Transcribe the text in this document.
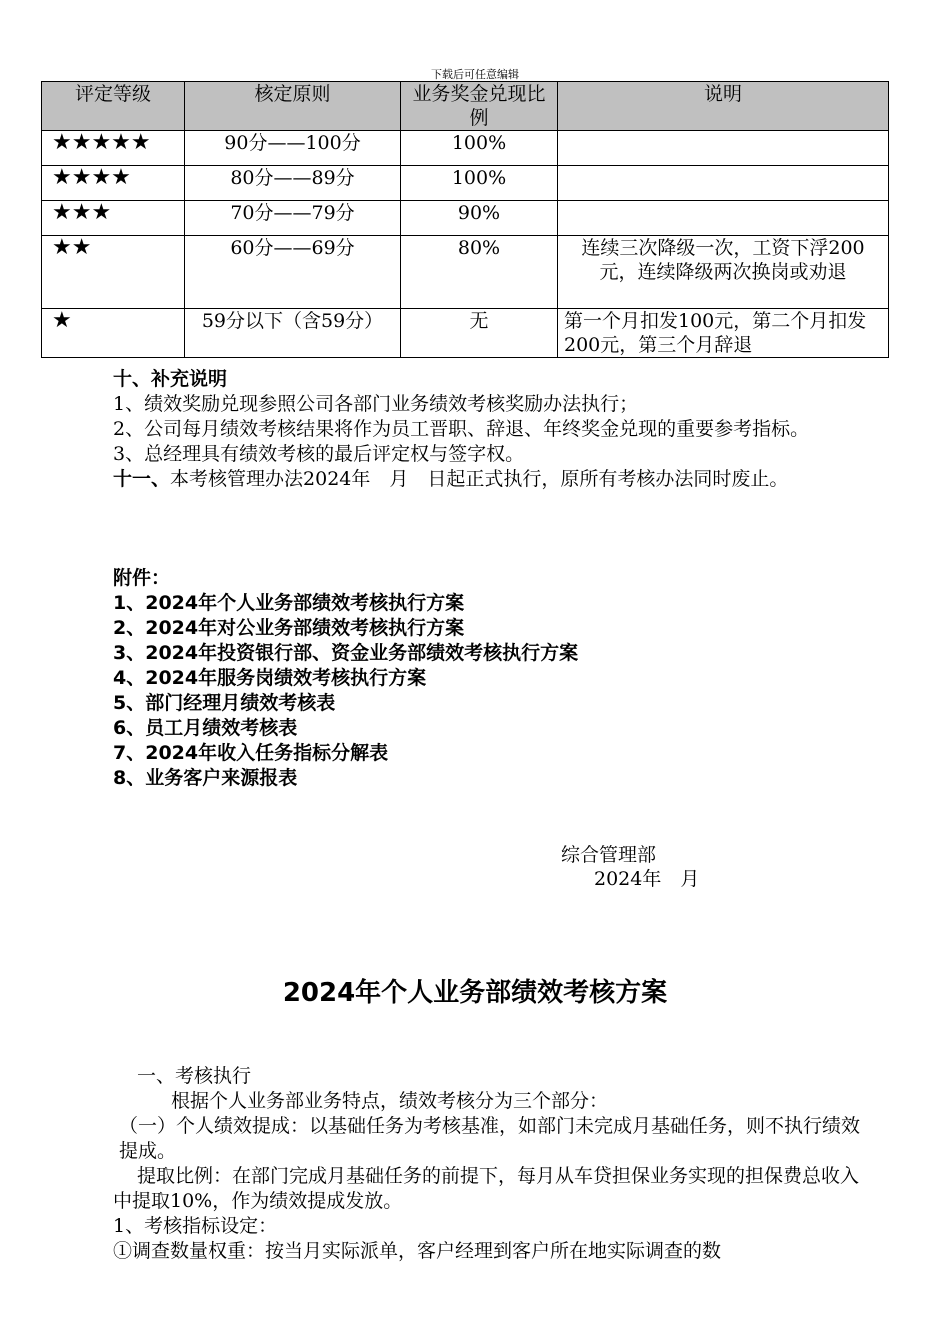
下载后可任意编辑
评定等级	核定原则	业务奖金兑现比例	说明
★★★★★	90分——100分	100%	
★★★★	80分——89分	100%	
★★★	70分——79分	90%	
★★	60分——69分	80%	连续三次降级一次，工资下浮200元，连续降级两次换岗或劝退
★	59分以下（含59分）	无	第一个月扣发100元，第二个月扣发200元，第三个月辞退

十、补充说明

1、绩效奖励兑现参照公司各部门业务绩效考核奖励办法执行；

2、公司每月绩效考核结果将作为员工晋职、辞退、年终奖金兑现的重要参考指标。

3、总经理具有绩效考核的最后评定权与签字权。

十一、本考核管理办法2024年　月　日起正式执行，原所有考核办法同时废止。

附件：

1、2024年个人业务部绩效考核执行方案

2、2024年对公业务部绩效考核执行方案

3、2024年投资银行部、资金业务部绩效考核执行方案

4、2024年服务岗绩效考核执行方案

5、部门经理月绩效考核表

6、员工月绩效考核表

7、2024年收入任务指标分解表

8、业务客户来源报表

综合管理部
2024年　月
2024年个人业务部绩效考核方案

一、考核执行

根据个人业务部业务特点，绩效考核分为三个部分：

（一）个人绩效提成：以基础任务为考核基准，如部门未完成月基础任务，则不执行绩效提成。

提取比例：在部门完成月基础任务的前提下，每月从车贷担保业务实现的担保费总收入中提取10%，作为绩效提成发放。

1、考核指标设定：

①调查数量权重：按当月实际派单，客户经理到客户所在地实际调查的数
